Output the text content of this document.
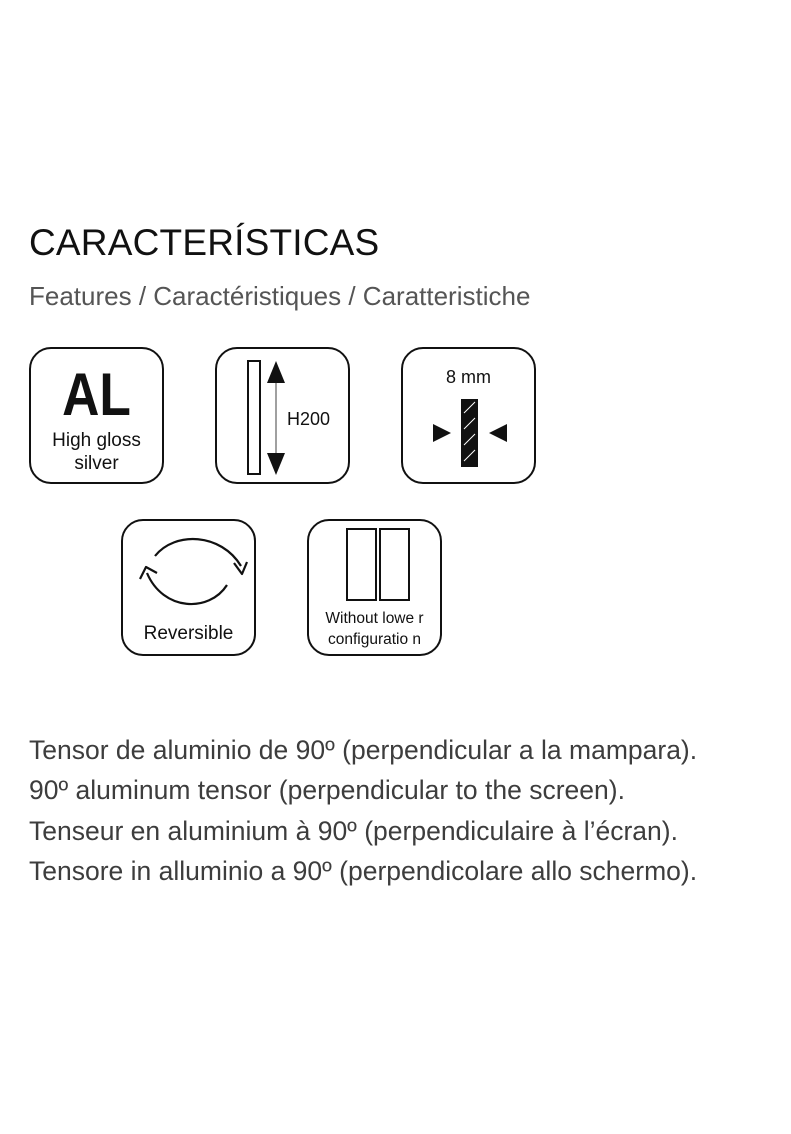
CARACTERÍSTICAS
Features / Caractéristiques / Caratteristiche
AL
High gloss
silver
H200
8 mm
Reversible
Without lowe r
configuratio n
Tensor de aluminio de 90º (perpendicular a la mampara).
90º aluminum tensor (perpendicular to the screen).
Tenseur en aluminium à 90º (perpendiculaire à l’écran).
Tensore in alluminio a 90º (perpendicolare allo schermo).
